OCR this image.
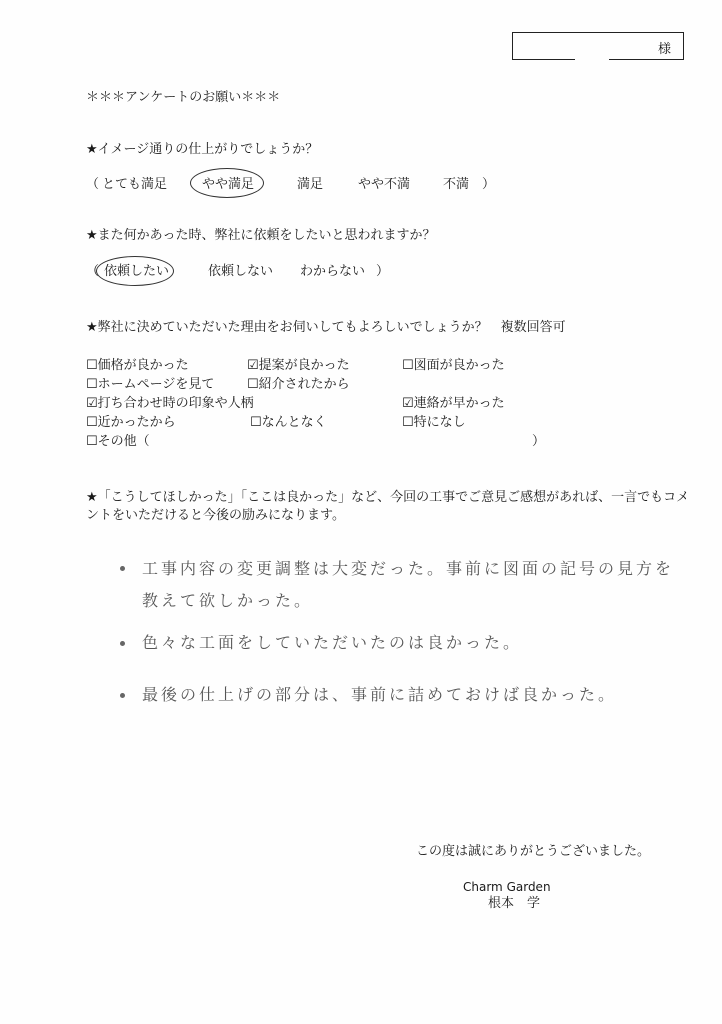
様
＊＊＊アンケートのお願い＊＊＊
★イメージ通りの仕上がりでしょうか？
（ とても満足	やや満足	満足	やや不満	不満 ）
★また何かあった時、弊社に依頼をしたいと思われますか？
（ 依頼したい	依頼しない わからない ）
★弊社に決めていただいた理由をお伺いしてもよろしいでしょうか？　複数回答可
☐価格が良かった	☑提案が良かった	☐図面が良かった
☐ホームページを見て	☐紹介されたから
☑打ち合わせ時の印象や人柄	☑連絡が早かった
☐近かったから	☐なんとなく	☐特になし
☐その他（	）
★「こうしてほしかった」「ここは良かった」など、今回の工事でご意見ご感想があれば、一言でもコメ
ントをいただけると今後の励みになります。
工事内容の変更調整は大変だった。事前に図面の記号の見方を
教えて欲しかった。
色々な工面をしていただいたのは良かった。
最後の仕上げの部分は、事前に詰めておけば良かった。
この度は誠にありがとうございました。
Charm Garden
根本　学
